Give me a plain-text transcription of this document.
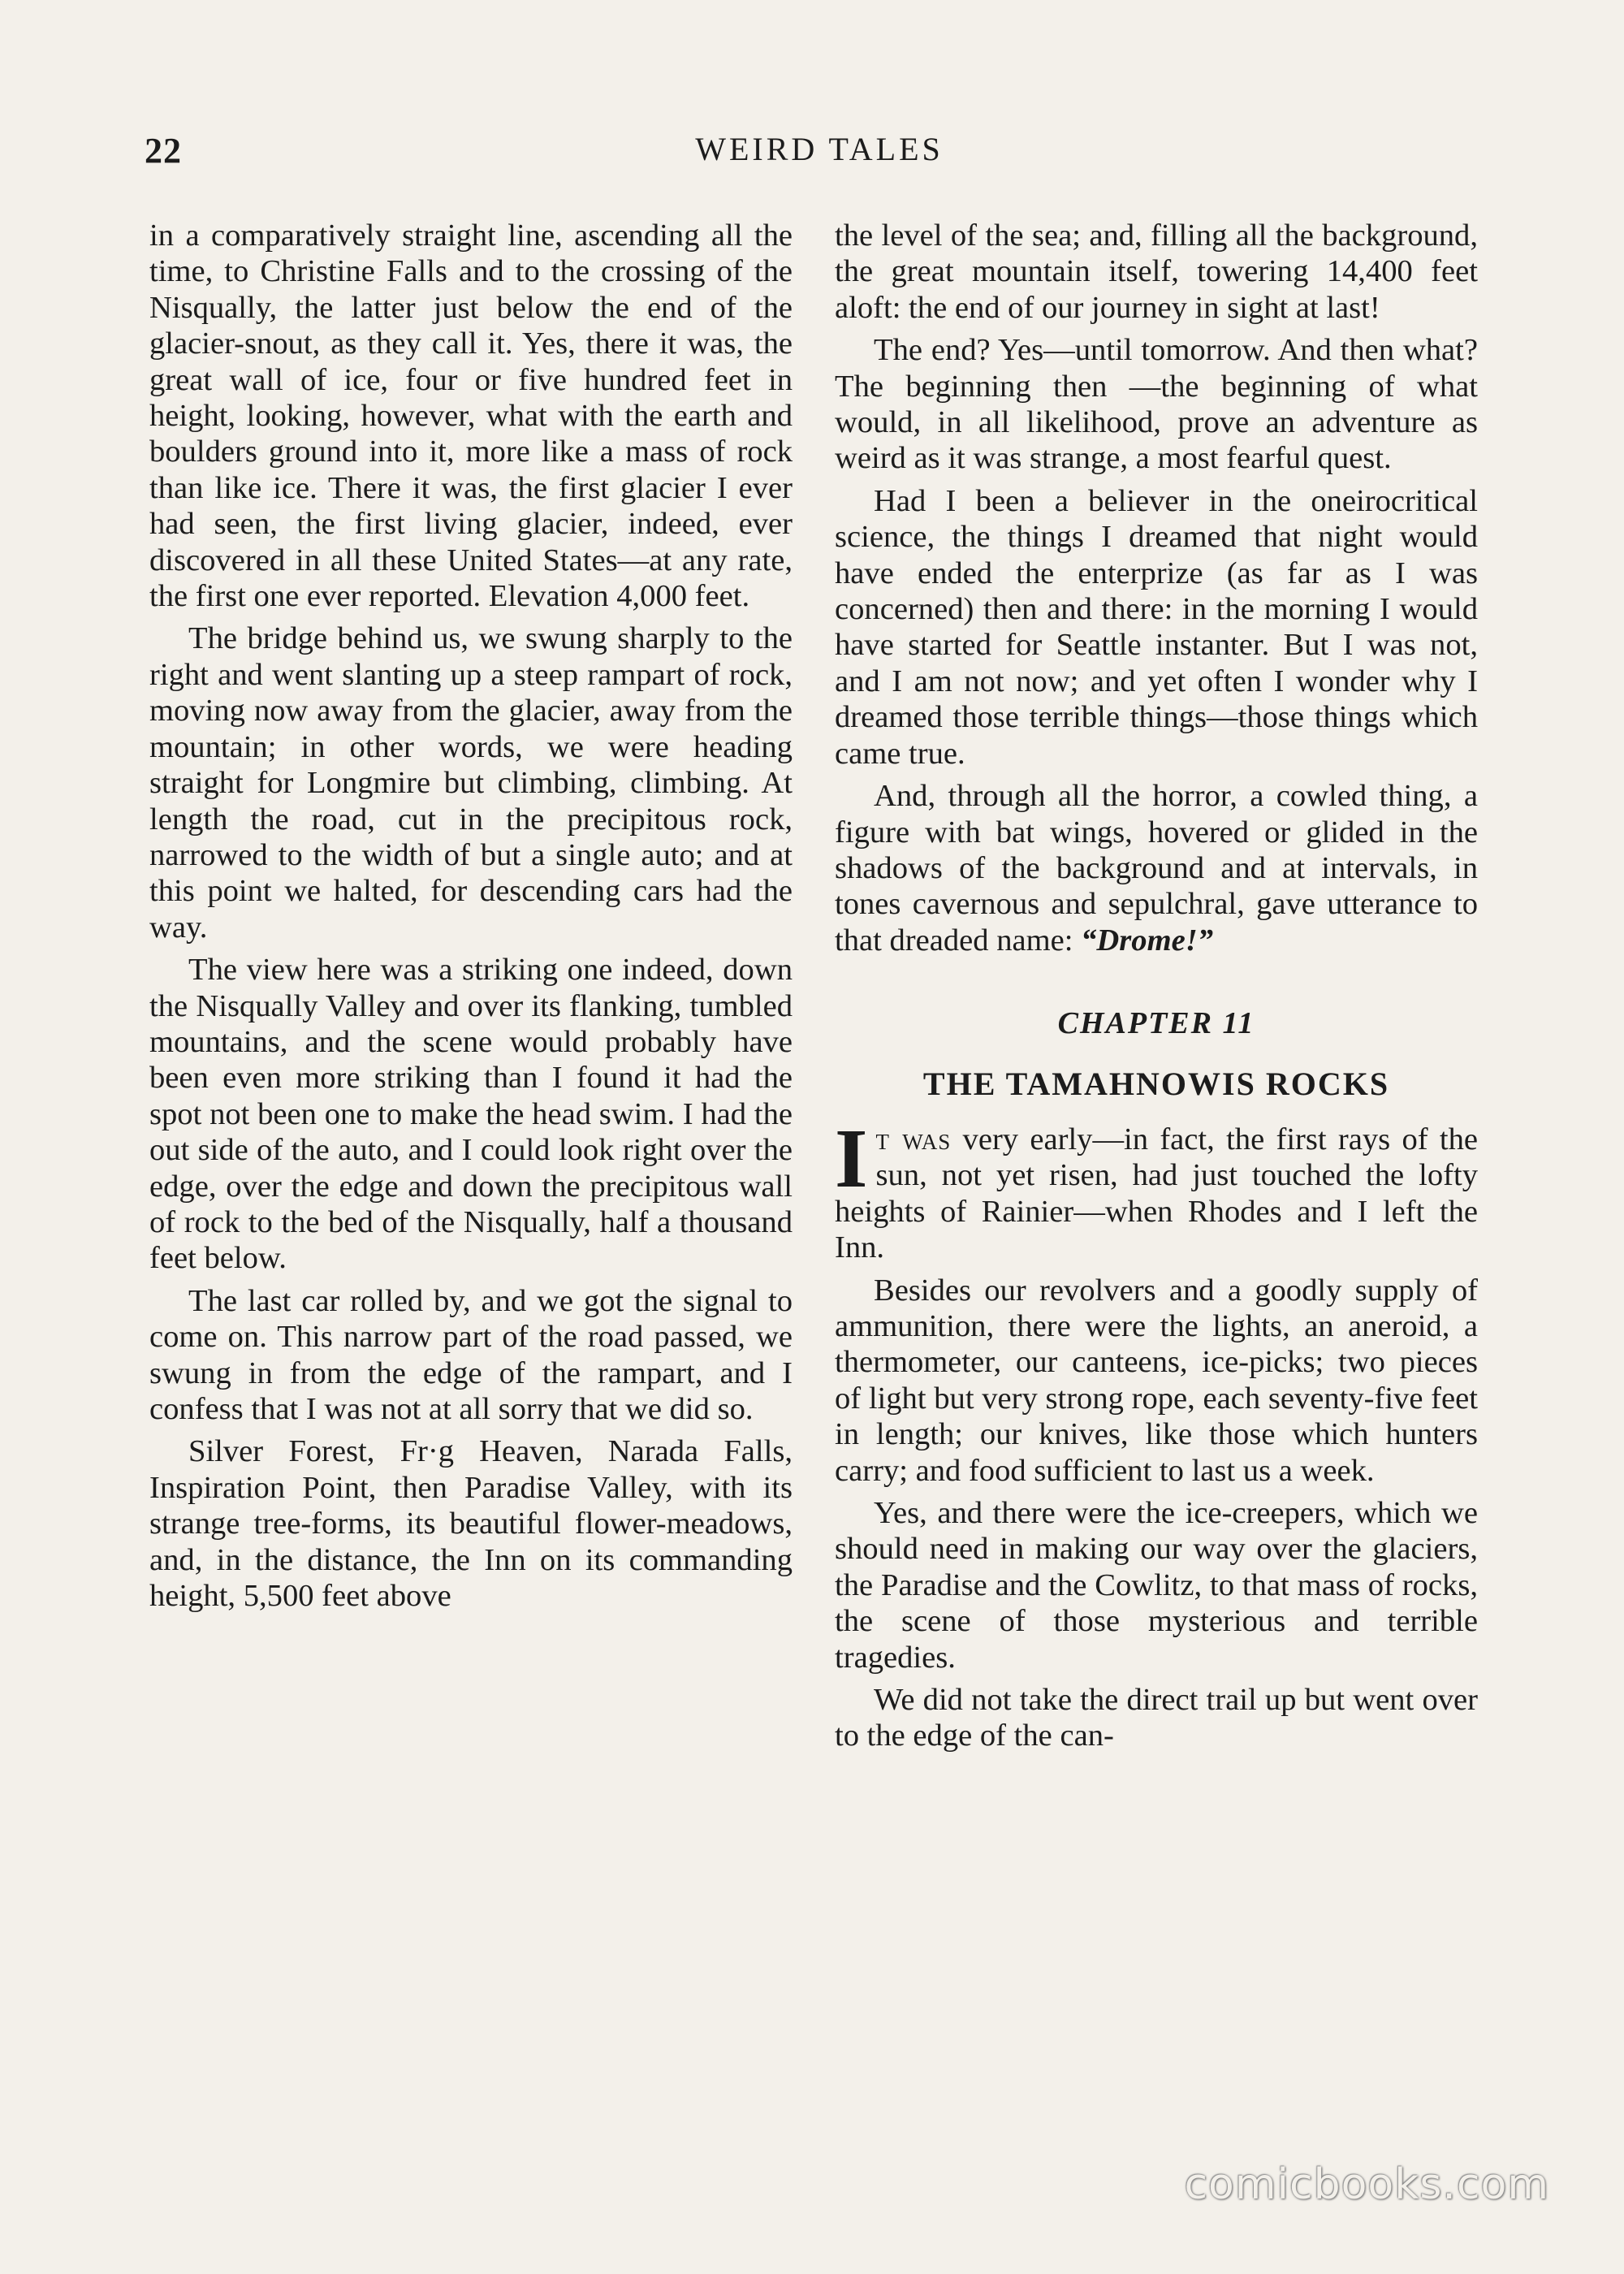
22	WEIRD TALES

in a comparatively straight line, ascending all the time, to Christine Falls and to the crossing of the Nisqually, the latter just below the end of the glacier-snout, as they call it. Yes, there it was, the great wall of ice, four or five hundred feet in height, looking, however, what with the earth and boulders ground into it, more like a mass of rock than like ice. There it was, the first glacier I ever had seen, the first living glacier, indeed, ever discovered in all these United States—at any rate, the first one ever reported. Elevation 4,000 feet.

The bridge behind us, we swung sharply to the right and went slanting up a steep rampart of rock, moving now away from the glacier, away from the mountain; in other words, we were heading straight for Longmire but climbing, climbing. At length the road, cut in the precipitous rock, narrowed to the width of but a single auto; and at this point we halted, for descending cars had the way.

The view here was a striking one indeed, down the Nisqually Valley and over its flanking, tumbled mountains, and the scene would probably have been even more striking than I found it had the spot not been one to make the head swim. I had the out side of the auto, and I could look right over the edge, over the edge and down the precipitous wall of rock to the bed of the Nisqually, half a thousand feet below.

The last car rolled by, and we got the signal to come on. This narrow part of the road passed, we swung in from the edge of the rampart, and I confess that I was not at all sorry that we did so.

Silver Forest, Fr·g Heaven, Narada Falls, Inspiration Point, then Paradise Valley, with its strange tree-forms, its beautiful flower-meadows, and, in the distance, the Inn on its commanding height, 5,500 feet above

the level of the sea; and, filling all the background, the great mountain itself, towering 14,400 feet aloft: the end of our journey in sight at last!

The end? Yes—until tomorrow. And then what? The beginning then —the beginning of what would, in all likelihood, prove an adventure as weird as it was strange, a most fearful quest.

Had I been a believer in the oneirocritical science, the things I dreamed that night would have ended the enterprize (as far as I was concerned) then and there: in the morning I would have started for Seattle instanter. But I was not, and I am not now; and yet often I wonder why I dreamed those terrible things—those things which came true.

And, through all the horror, a cowled thing, a figure with bat wings, hovered or glided in the shadows of the background and at intervals, in tones cavernous and sepulchral, gave utterance to that dreaded name: “Drome!”

CHAPTER 11
THE TAMAHNOWIS ROCKS

It was very early—in fact, the first rays of the sun, not yet risen, had just touched the lofty heights of Rainier—when Rhodes and I left the Inn.

Besides our revolvers and a goodly supply of ammunition, there were the lights, an aneroid, a thermometer, our canteens, ice-picks; two pieces of light but very strong rope, each seventy-five feet in length; our knives, like those which hunters carry; and food sufficient to last us a week.

Yes, and there were the ice-creepers, which we should need in making our way over the glaciers, the Paradise and the Cowlitz, to that mass of rocks, the scene of those mysterious and terrible tragedies.

We did not take the direct trail up but went over to the edge of the can-

comicbooks.com
